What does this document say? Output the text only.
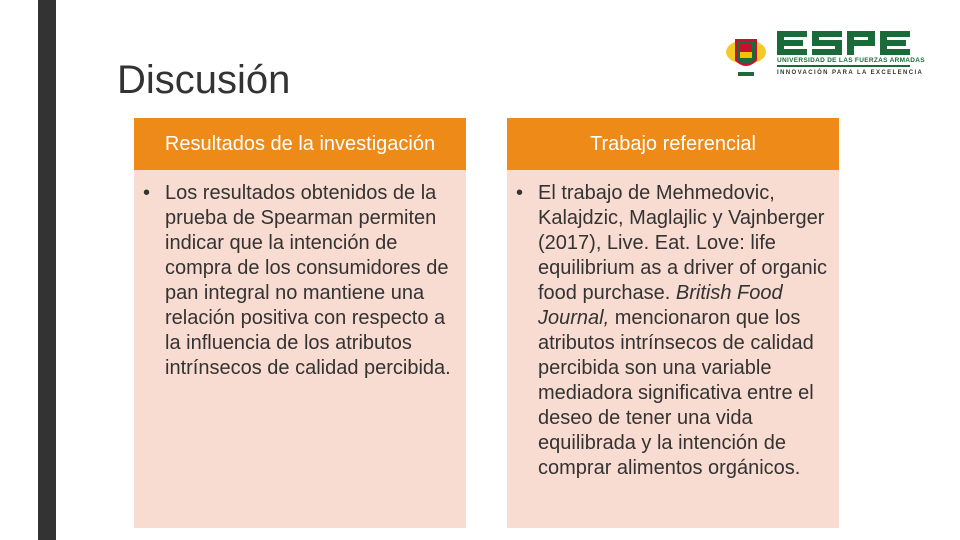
Discusión	UNIVERSIDAD DE LAS FUERZAS ARMADAS
INNOVACIÓN PARA LA EXCELENCIA
Resultados de la investigación	Trabajo referencial
• Los resultados obtenidos de la prueba de Spearman permiten indicar que la intención de compra de los consumidores de pan integral no mantiene una relación positiva con respecto a la influencia de los atributos intrínsecos de calidad percibida.
• El trabajo de Mehmedovic, Kalajdzic, Maglajlic y Vajnberger (2017), Live. Eat. Love: life equilibrium as a driver of organic food purchase. British Food Journal, mencionaron que los atributos intrínsecos de calidad percibida son una variable mediadora significativa entre el deseo de tener una vida equilibrada y la intención de comprar alimentos orgánicos.
